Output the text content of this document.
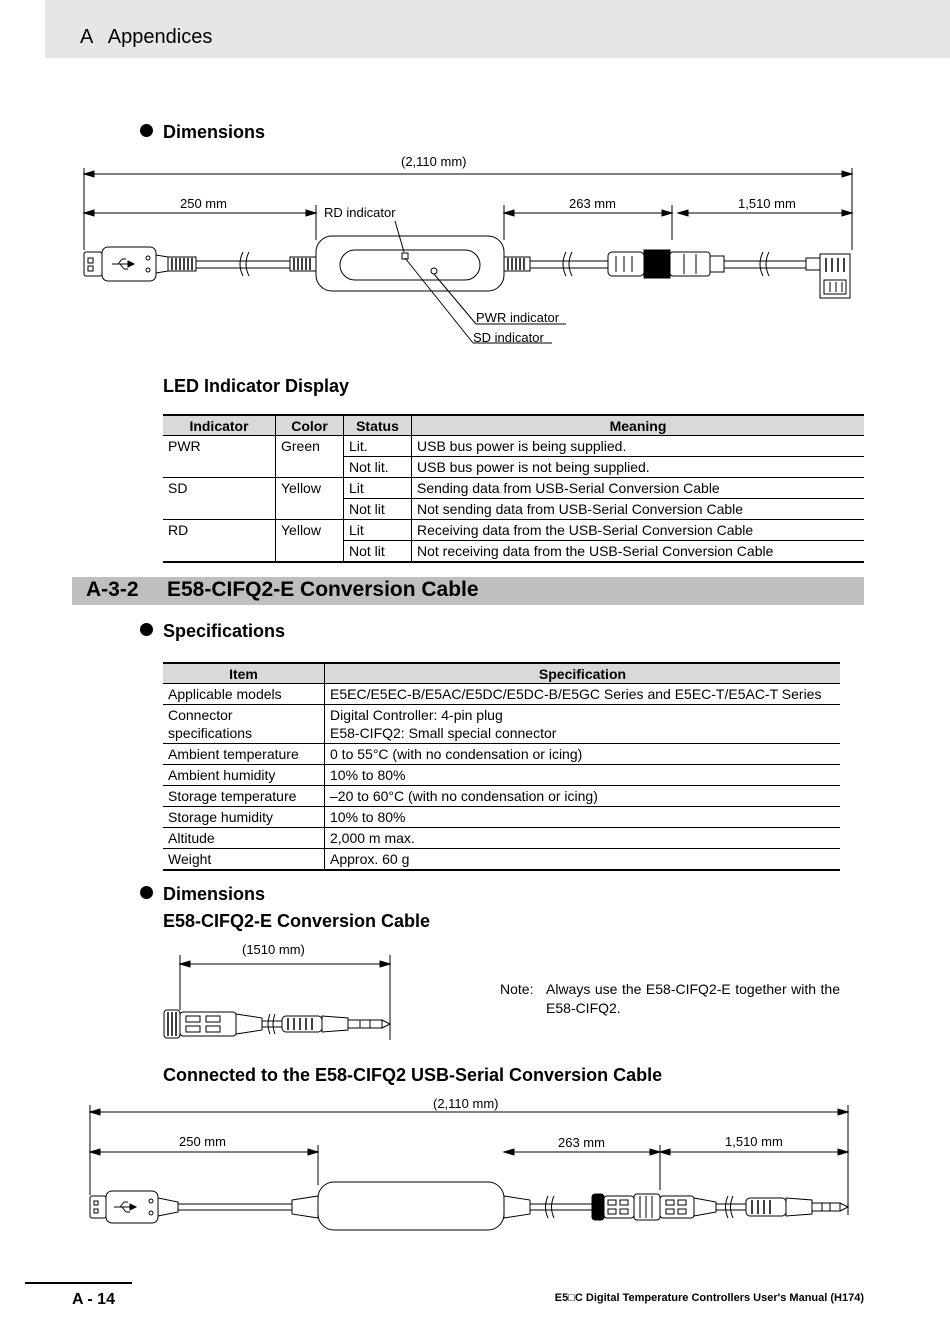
A   Appendices
Dimensions
(2,110 mm)
250 mm
RD indicator
263 mm	1,510 mm
PWR indicator
SD indicator
LED Indicator Display
Indicator	Color	Status	Meaning
PWR	Green	Lit.	USB bus power is being supplied.
		Not lit.	USB bus power is not being supplied.
SD	Yellow	Lit	Sending data from USB-Serial Conversion Cable
		Not lit	Not sending data from USB-Serial Conversion Cable
RD	Yellow	Lit	Receiving data from the USB-Serial Conversion Cable
		Not lit	Not receiving data from the USB-Serial Conversion Cable
A-3-2 E58-CIFQ2-E Conversion Cable
Specifications
Item	Specification
Applicable models	E5EC/E5EC-B/E5AC/E5DC/E5DC-B/E5GC Series and E5EC-T/E5AC-T Series
Connector specifications	Digital Controller: 4-pin plug
E58-CIFQ2: Small special connector

Ambient temperature	0 to 55°C (with no condensation or icing)
Ambient humidity	10% to 80%
Storage temperature	–20 to 60°C (with no condensation or icing)
Storage humidity	10% to 80%
Altitude	2,000 m max.
Weight	Approx. 60 g
Dimensions
E58-CIFQ2-E Conversion Cable
(1510 mm)
Note: Always use the E58-CIFQ2-E together with the E58-CIFQ2.
Connected to the E58-CIFQ2 USB-Serial Conversion Cable
(2,110 mm)
250 mm	263 mm	1,510 mm
A - 14	E5□C Digital Temperature Controllers User's Manual (H174)
